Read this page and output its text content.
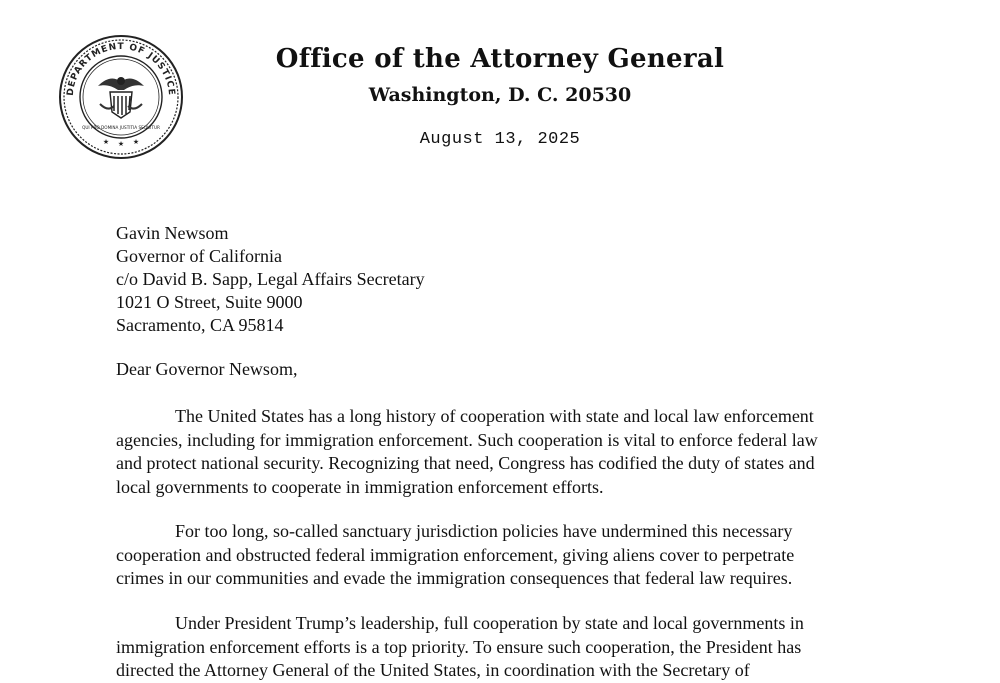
DEPARTMENT OF JUSTICE
QUI PRO DOMINA JUSTITIA SEQUITUR
★ ★ ★
Office of the Attorney General
Washington, D. C. 20530
August 13, 2025
Gavin Newsom
Governor of California
c/o David B. Sapp, Legal Affairs Secretary
1021 O Street, Suite 9000
Sacramento, CA 95814
Dear Governor Newsom,
The United States has a long history of cooperation with state and local law enforcement
agencies, including for immigration enforcement. Such cooperation is vital to enforce federal law
and protect national security. Recognizing that need, Congress has codified the duty of states and
local governments to cooperate in immigration enforcement efforts.
For too long, so-called sanctuary jurisdiction policies have undermined this necessary
cooperation and obstructed federal immigration enforcement, giving aliens cover to perpetrate
crimes in our communities and evade the immigration consequences that federal law requires.
Under President Trump’s leadership, full cooperation by state and local governments in
immigration enforcement efforts is a top priority. To ensure such cooperation, the President has
directed the Attorney General of the United States, in coordination with the Secretary of
